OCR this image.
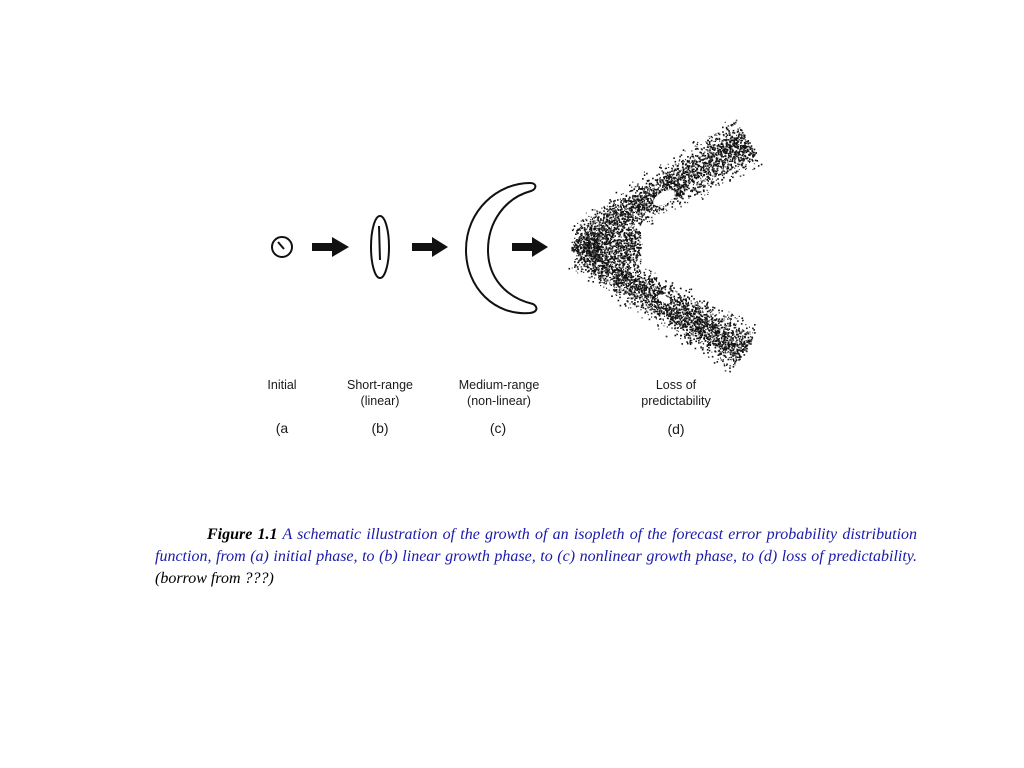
Initial	Short-range
(linear)
Medium-range
(non-linear)
Loss of
predictability
(a	(b)	(c)	(d)

Figure 1.1 A schematic illustration of the growth of an isopleth of the forecast error probability distribution function, from (a) initial phase, to (b) linear growth phase, to (c) nonlinear growth phase, to (d) loss of predictability. (borrow from ???)
